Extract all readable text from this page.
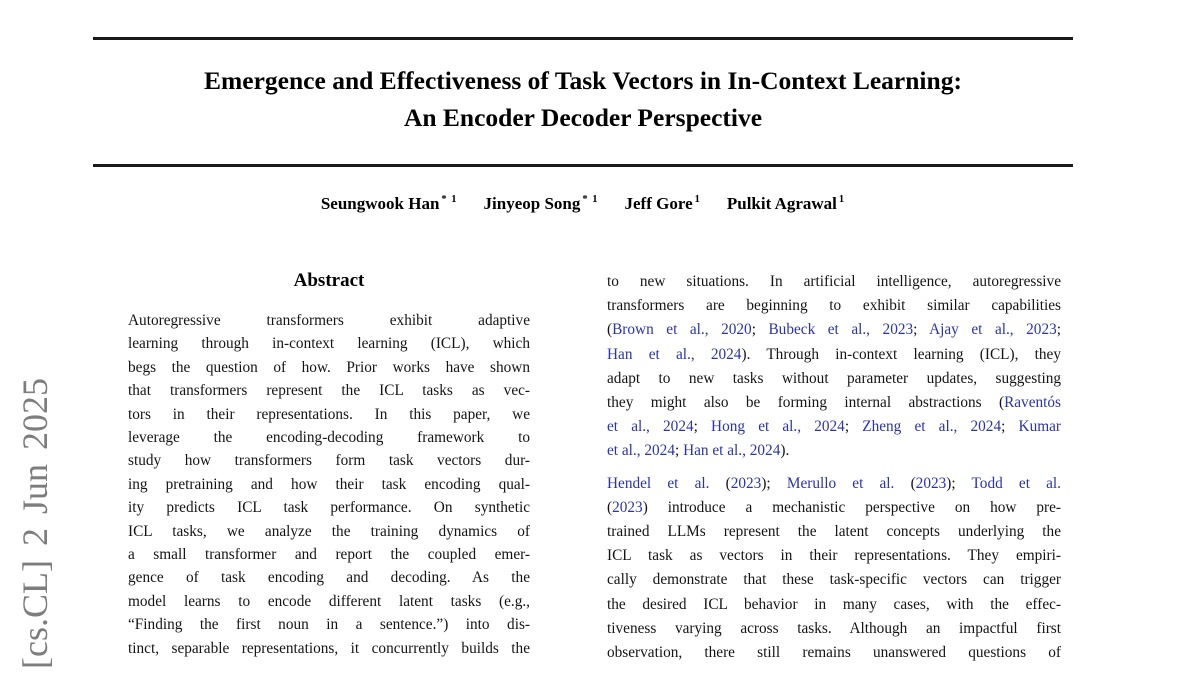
[cs.CL] 2 Jun 2025
Emergence and Effectiveness of Task Vectors in In-Context Learning:
An Encoder Decoder Perspective
Seungwook Han $^{* 1}$ Jinyeop Song $^{* 1}$ Jeff Gore $^1$ Pulkit Agrawal $^1$
Abstract
Autoregressive transformers exhibit adaptive
learning through in-context learning (ICL), which
begs the question of how. Prior works have shown
that transformers represent the ICL tasks as vec-
tors in their representations. In this paper, we
leverage the encoding-decoding framework to
study how transformers form task vectors dur-
ing pretraining and how their task encoding qual-
ity predicts ICL task performance. On synthetic
ICL tasks, we analyze the training dynamics of
a small transformer and report the coupled emer-
gence of task encoding and decoding. As the
model learns to encode different latent tasks (e.g.,
“Finding the first noun in a sentence.”) into dis-
tinct, separable representations, it concurrently builds the
to new situations. In artificial intelligence, autoregressive
transformers are beginning to exhibit similar capabilities
(Brown et al., 2020; Bubeck et al., 2023; Ajay et al., 2023;
Han et al., 2024). Through in-context learning (ICL), they
adapt to new tasks without parameter updates, suggesting
they might also be forming internal abstractions (Raventós
et al., 2024; Hong et al., 2024; Zheng et al., 2024; Kumar
et al., 2024; Han et al., 2024).
Hendel et al. (2023); Merullo et al. (2023); Todd et al.
(2023) introduce a mechanistic perspective on how pre-
trained LLMs represent the latent concepts underlying the
ICL task as vectors in their representations. They empiri-
cally demonstrate that these task-specific vectors can trigger
the desired ICL behavior in many cases, with the effec-
tiveness varying across tasks. Although an impactful first
observation, there still remains unanswered questions of
